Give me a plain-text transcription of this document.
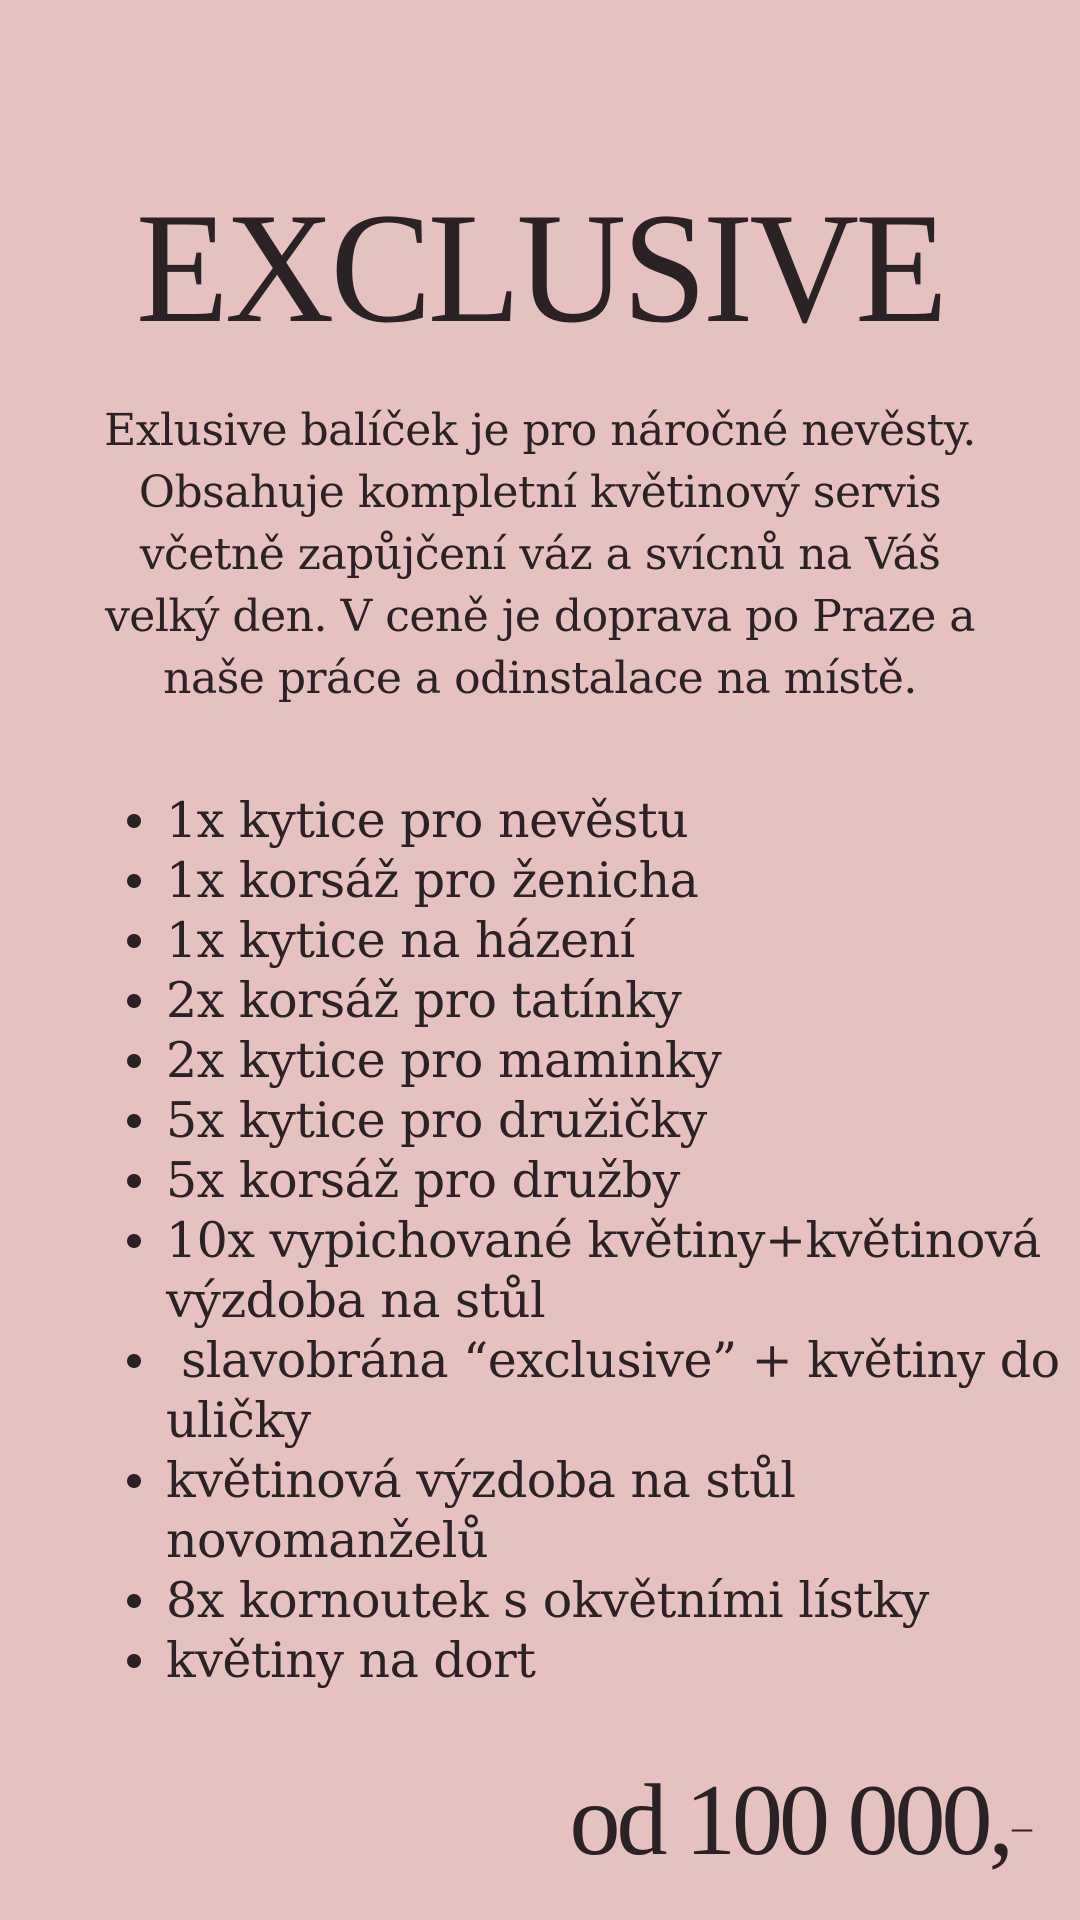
EXCLUSIVE

Exlusive balíček je pro náročné nevěsty.
Obsahuje kompletní květinový servis
včetně zapůjčení váz a svícnů na Váš
velký den. V ceně je doprava po Praze a
naše práce a odinstalace na místě.

1x kytice pro nevěstu
1x korsáž pro ženicha
1x kytice na házení
2x korsáž pro tatínky
2x kytice pro maminky
5x kytice pro družičky
5x korsáž pro družby
10x vypichované květiny+květinová
výzdoba na stůl
slavobrána “exclusive” + květiny do
uličky
květinová výzdoba na stůl
novomanželů
8x kornoutek s okvětními lístky
květiny na dort
od 100 000,–
